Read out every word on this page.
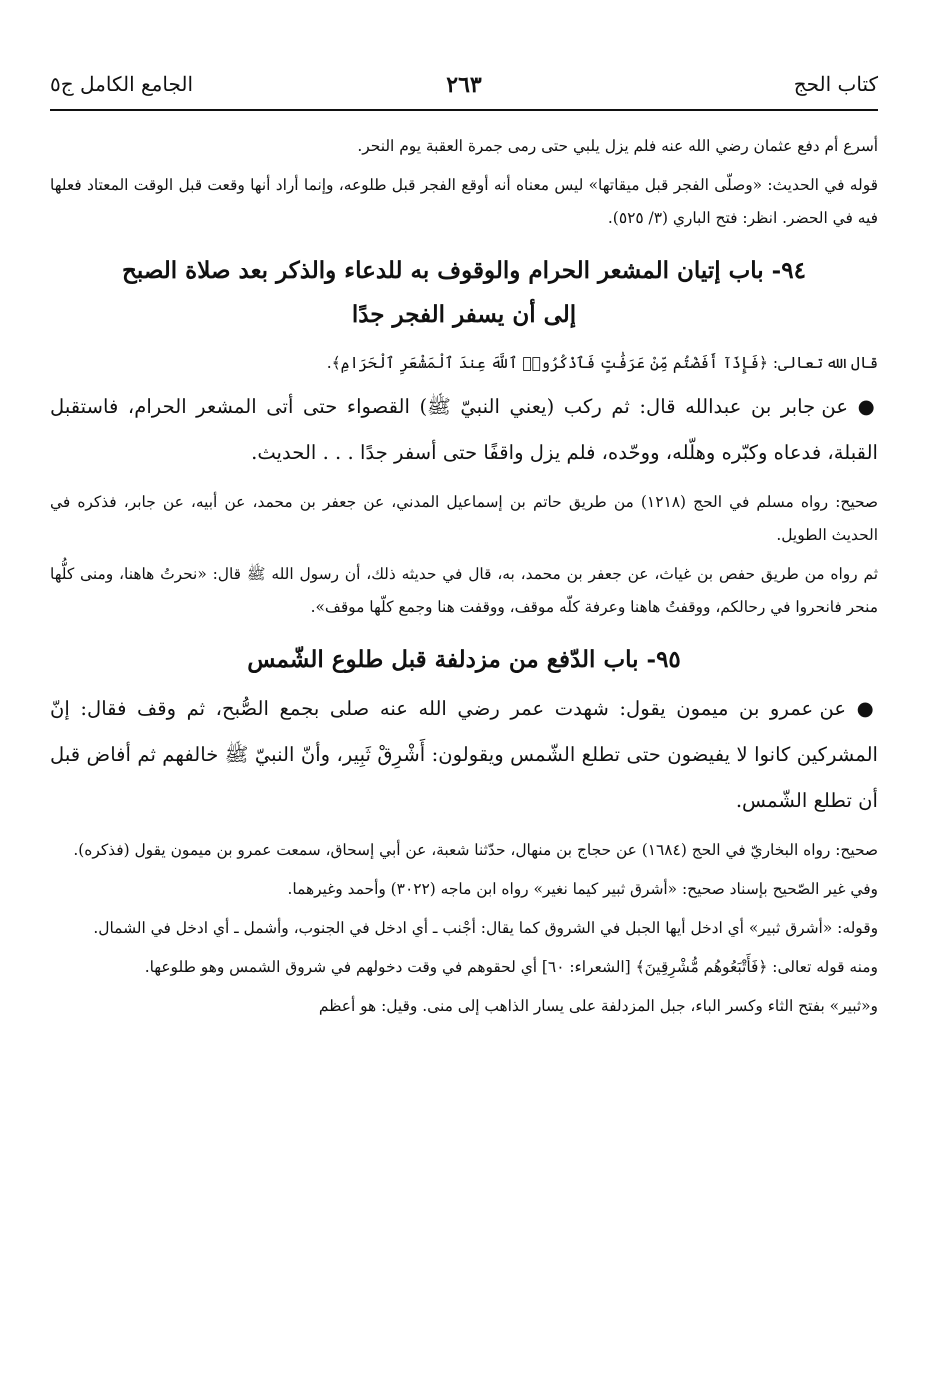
كتاب الحج
٢٦٣
الجامع الكامل ج٥

أسرع أم دفع عثمان رضي الله عنه فلم يزل يلبي حتى رمى جمرة العقبة يوم النحر.

قوله في الحديث: «وصلّى الفجر قبل ميقاتها» ليس معناه أنه أوقع الفجر قبل طلوعه، وإنما أراد أنها وقعت قبل الوقت المعتاد فعلها فيه في الحضر. انظر: فتح الباري (٣/ ٥٢٥).

٩٤- باب إتيان المشعر الحرام والوقوف به للدعاء والذكر بعد صلاة الصبح
إلى أن يسفر الفجر جدًا

قال الله تعالى: ﴿فَإِذَآ أَفَضْتُم مِّنْ عَرَفَٰتٍ فَٱذْكُرُوا۟ ٱللَّهَ عِندَ ٱلْمَشْعَرِ ٱلْحَرَامِ﴾.

● عن جابر بن عبدالله قال: ثم ركب (يعني النبيّ ﷺ) القصواء حتى أتى المشعر الحرام، فاستقبل القبلة، فدعاه وكبّره وهلّله، ووحّده، فلم يزل واقفًا حتى أسفر جدًا . . . الحديث.

صحيح: رواه مسلم في الحج (١٢١٨) من طريق حاتم بن إسماعيل المدني، عن جعفر بن محمد، عن أبيه، عن جابر، فذكره في الحديث الطويل.

ثم رواه من طريق حفص بن غياث، عن جعفر بن محمد، به، قال في حديثه ذلك، أن رسول الله ﷺ قال: «نحرتُ هاهنا، ومنى كلُّها منحر فانحروا في رحالكم، ووقفتُ هاهنا وعرفة كلّه موقف، ووقفت هنا وجمع كلّها موقف».

٩٥- باب الدّفع من مزدلفة قبل طلوع الشّمس

● عن عمرو بن ميمون يقول: شهدت عمر رضي الله عنه صلى بجمع الصُّبح، ثم وقف فقال: إنّ المشركين كانوا لا يفيضون حتى تطلع الشّمس ويقولون: أَشْرِقْ ثَبِير، وأنّ النبيّ ﷺ خالفهم ثم أفاض قبل أن تطلع الشّمس.

صحيح: رواه البخاريّ في الحج (١٦٨٤) عن حجاج بن منهال، حدّثنا شعبة، عن أبي إسحاق، سمعت عمرو بن ميمون يقول (فذكره).

وفي غير الصّحيح بإسناد صحيح: «أشرق ثبير كيما نغير» رواه ابن ماجه (٣٠٢٢) وأحمد وغيرهما.

وقوله: «أشرق ثبير» أي ادخل أيها الجبل في الشروق كما يقال: أجْنب ـ أي ادخل في الجنوب، وأشمل ـ أي ادخل في الشمال.

ومنه قوله تعالى: ﴿فَأَتْبَعُوهُم مُّشْرِقِينَ﴾ [الشعراء: ٦٠] أي لحقوهم في وقت دخولهم في شروق الشمس وهو طلوعها.

و«ثبير» بفتح الثاء وكسر الباء، جبل المزدلفة على يسار الذاهب إلى منى. وقيل: هو أعظم
